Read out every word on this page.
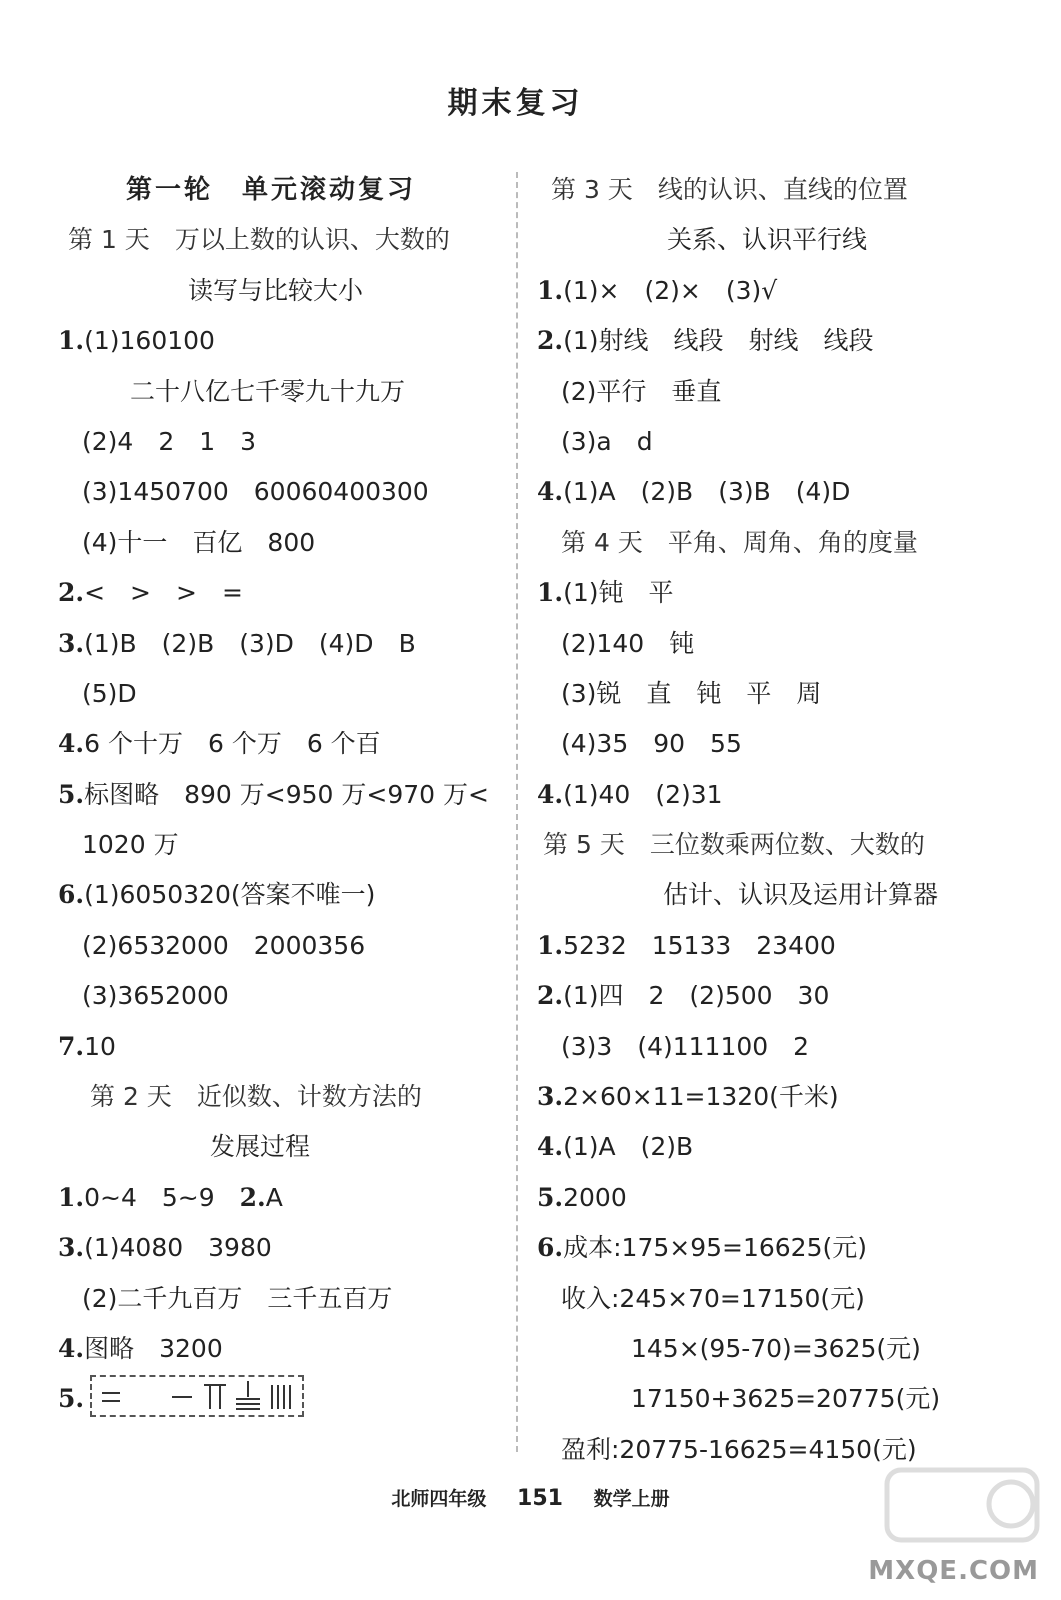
期末复习
第一轮　单元滚动复习
第 1 天　 万以上数的认识、大数的
读写与比较大小
1.(1)160100
二十八亿七千零九十九万
(2)4　2　1　3
(3)1450700　60060400300
(4)十一　百亿　800
2.<　>　>　=
3.(1)B　(2)B　(3)D　(4)D　B
(5)D
4.6 个十万　6 个万　6 个百
5.标图略　890 万<950 万<970 万<
1020 万
6.(1)6050320(答案不唯一)
(2)6532000　2000356
(3)3652000
7.10
第 2 天　 近似数、计数方法的
发展过程
1.0~4　5~9　 2.A
3.(1)4080　3980
(2)二千九百万　三千五百万
4.图略　3200
5.

第 3 天　 线的认识、直线的位置
关系、认识平行线
1.(1)×　(2)×　(3)√
2.(1)射线　线段　射线　线段
(2)平行　垂直
(3)a　d
4.(1)A　(2)B　(3)B　(4)D
第 4 天　 平角、周角、角的度量
1.(1)钝　平
(2)140　钝
(3)锐　直　钝　平　周
(4)35　90　55
4.(1)40　(2)31
第 5 天　 三位数乘两位数、大数的
估计、认识及运用计算器
1.5232　15133　23400
2.(1)四　2　(2)500　30
(3)3　(4)111100　2
3.2×60×11=1320(千米)
4.(1)A　(2)B
5.2000
6.成本:175×95=16625(元)
收入:245×70=17150(元)
145×(95-70)=3625(元)
17150+3625=20775(元)
盈利:20775-16625=4150(元)
北师四年级 151 数学上册
MXQE.COM
